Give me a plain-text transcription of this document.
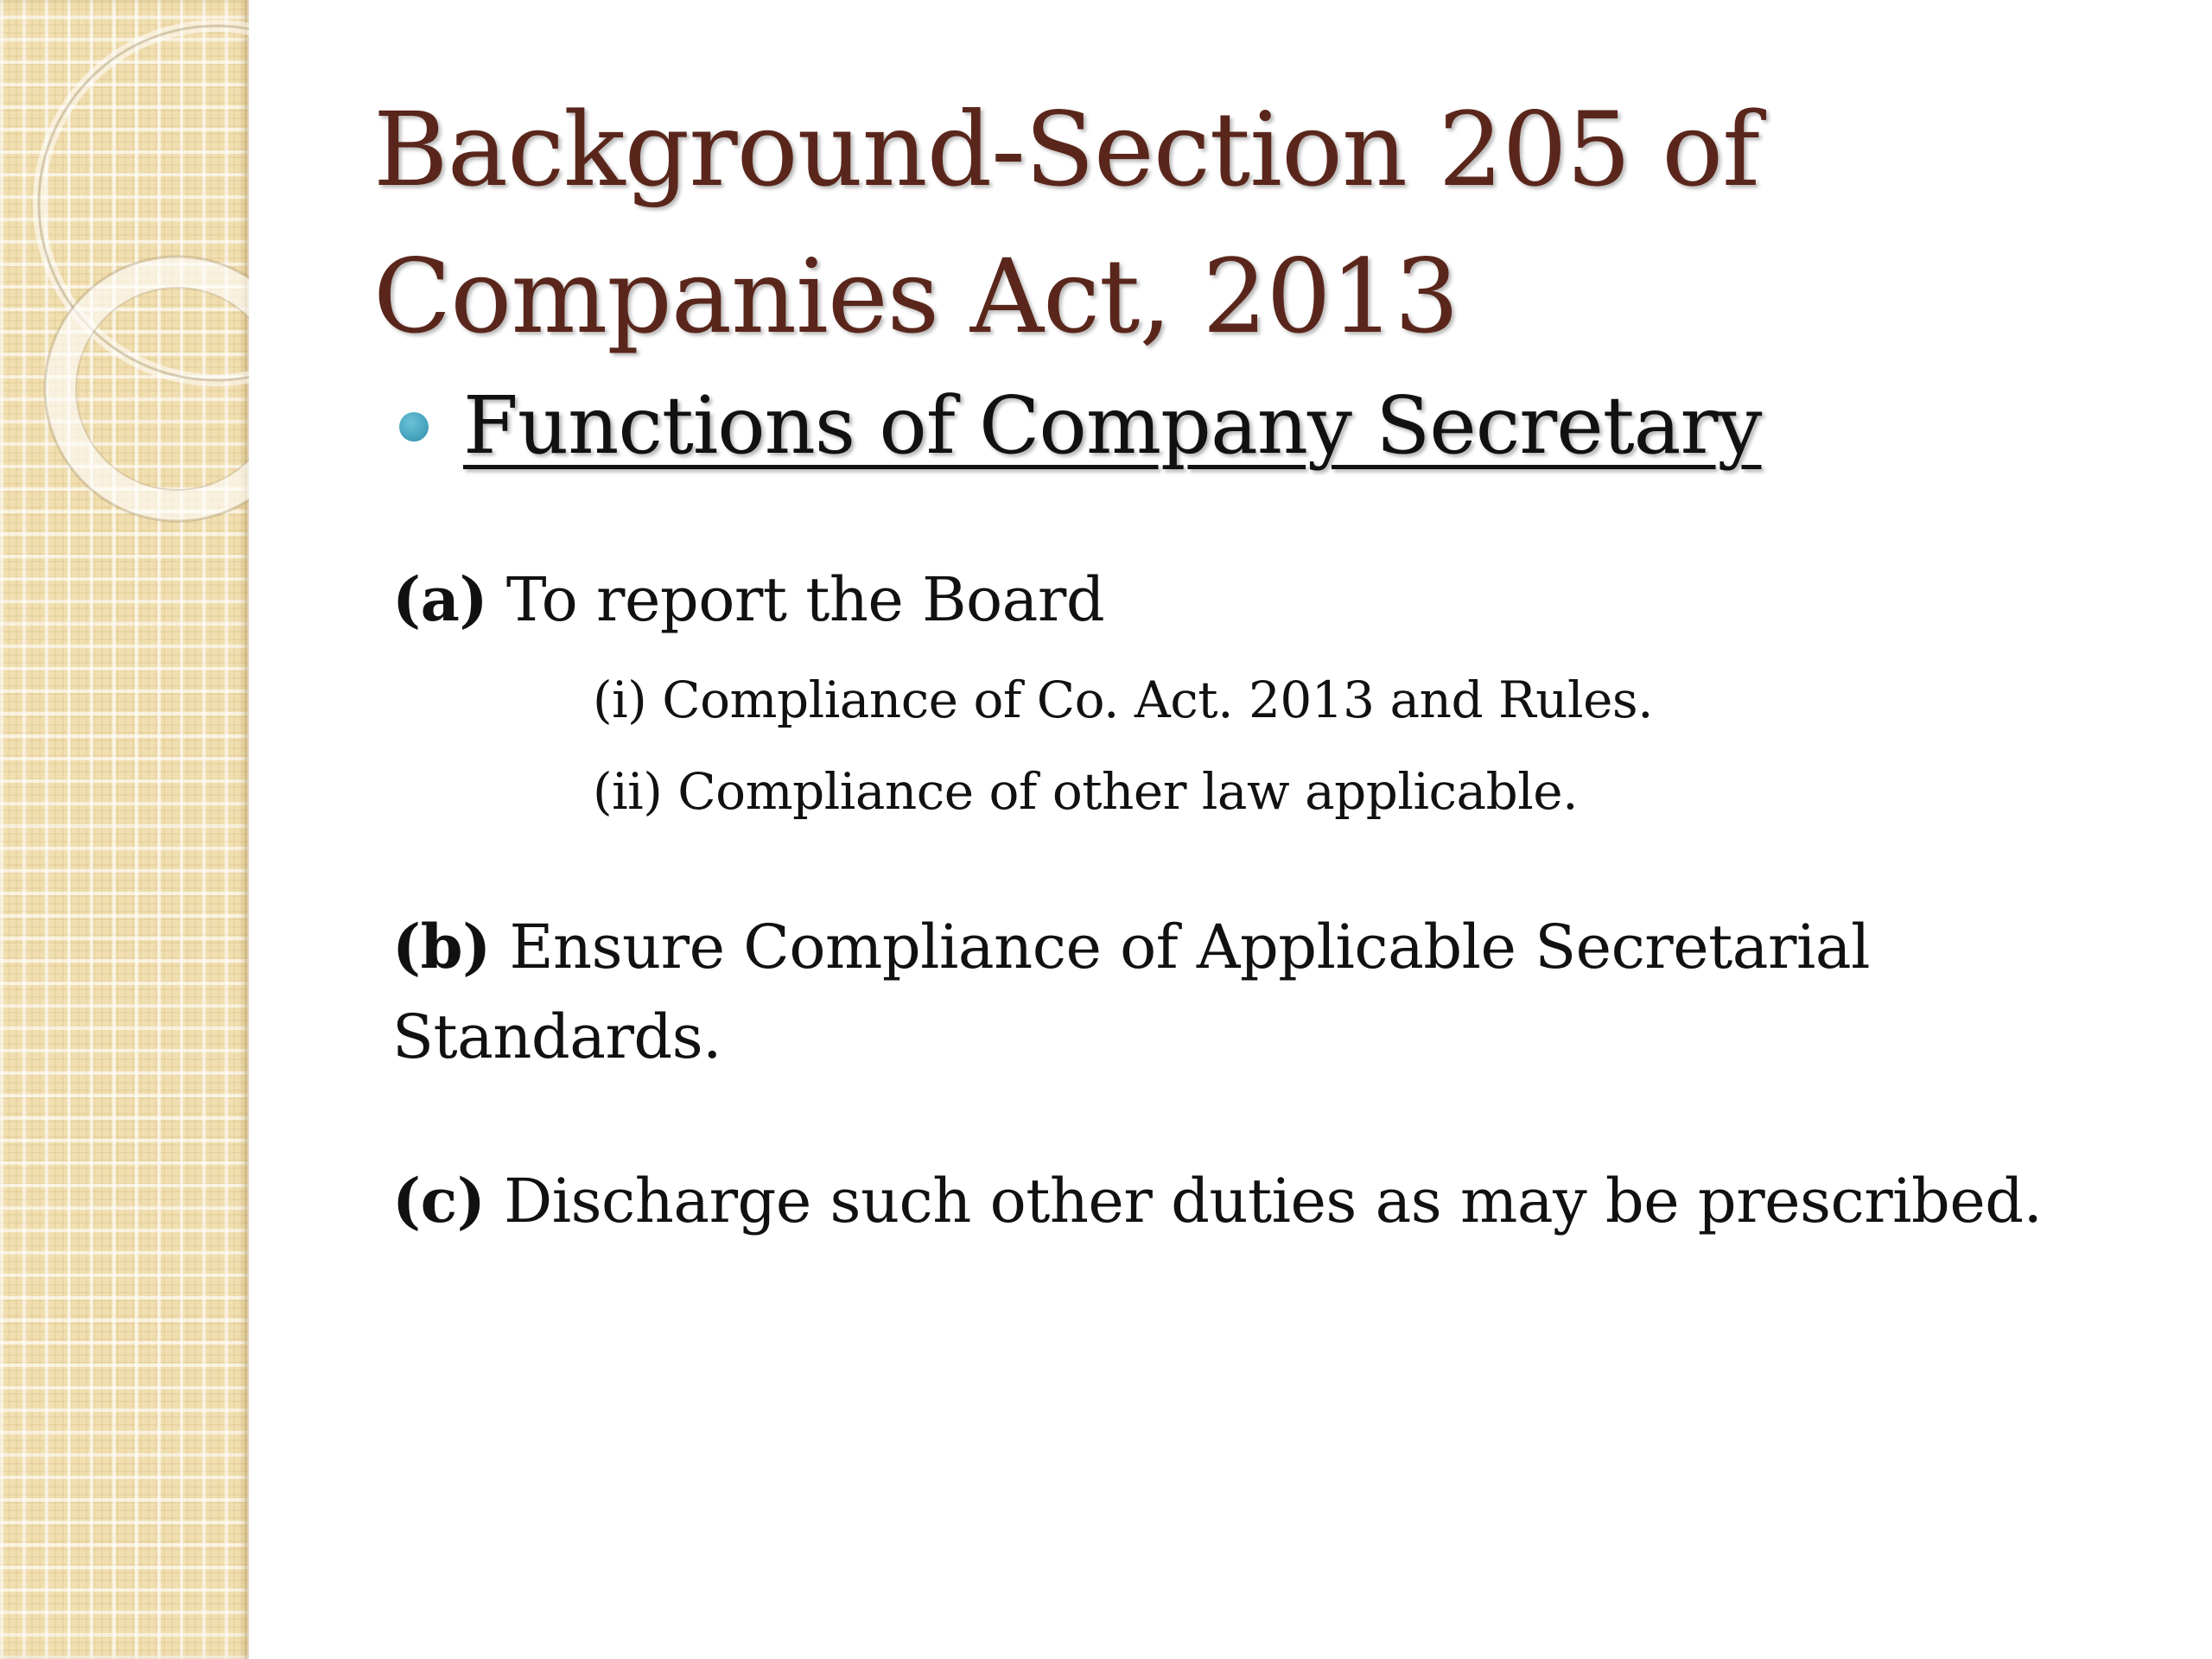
Background-Section 205 of
Companies Act, 2013
Functions of Company Secretary
(a) To report the Board
(i) Compliance of Co. Act. 2013 and Rules.
(ii) Compliance of other law applicable.
(b) Ensure Compliance of Applicable Secretarial
Standards.
(c) Discharge such other duties as may be prescribed.
